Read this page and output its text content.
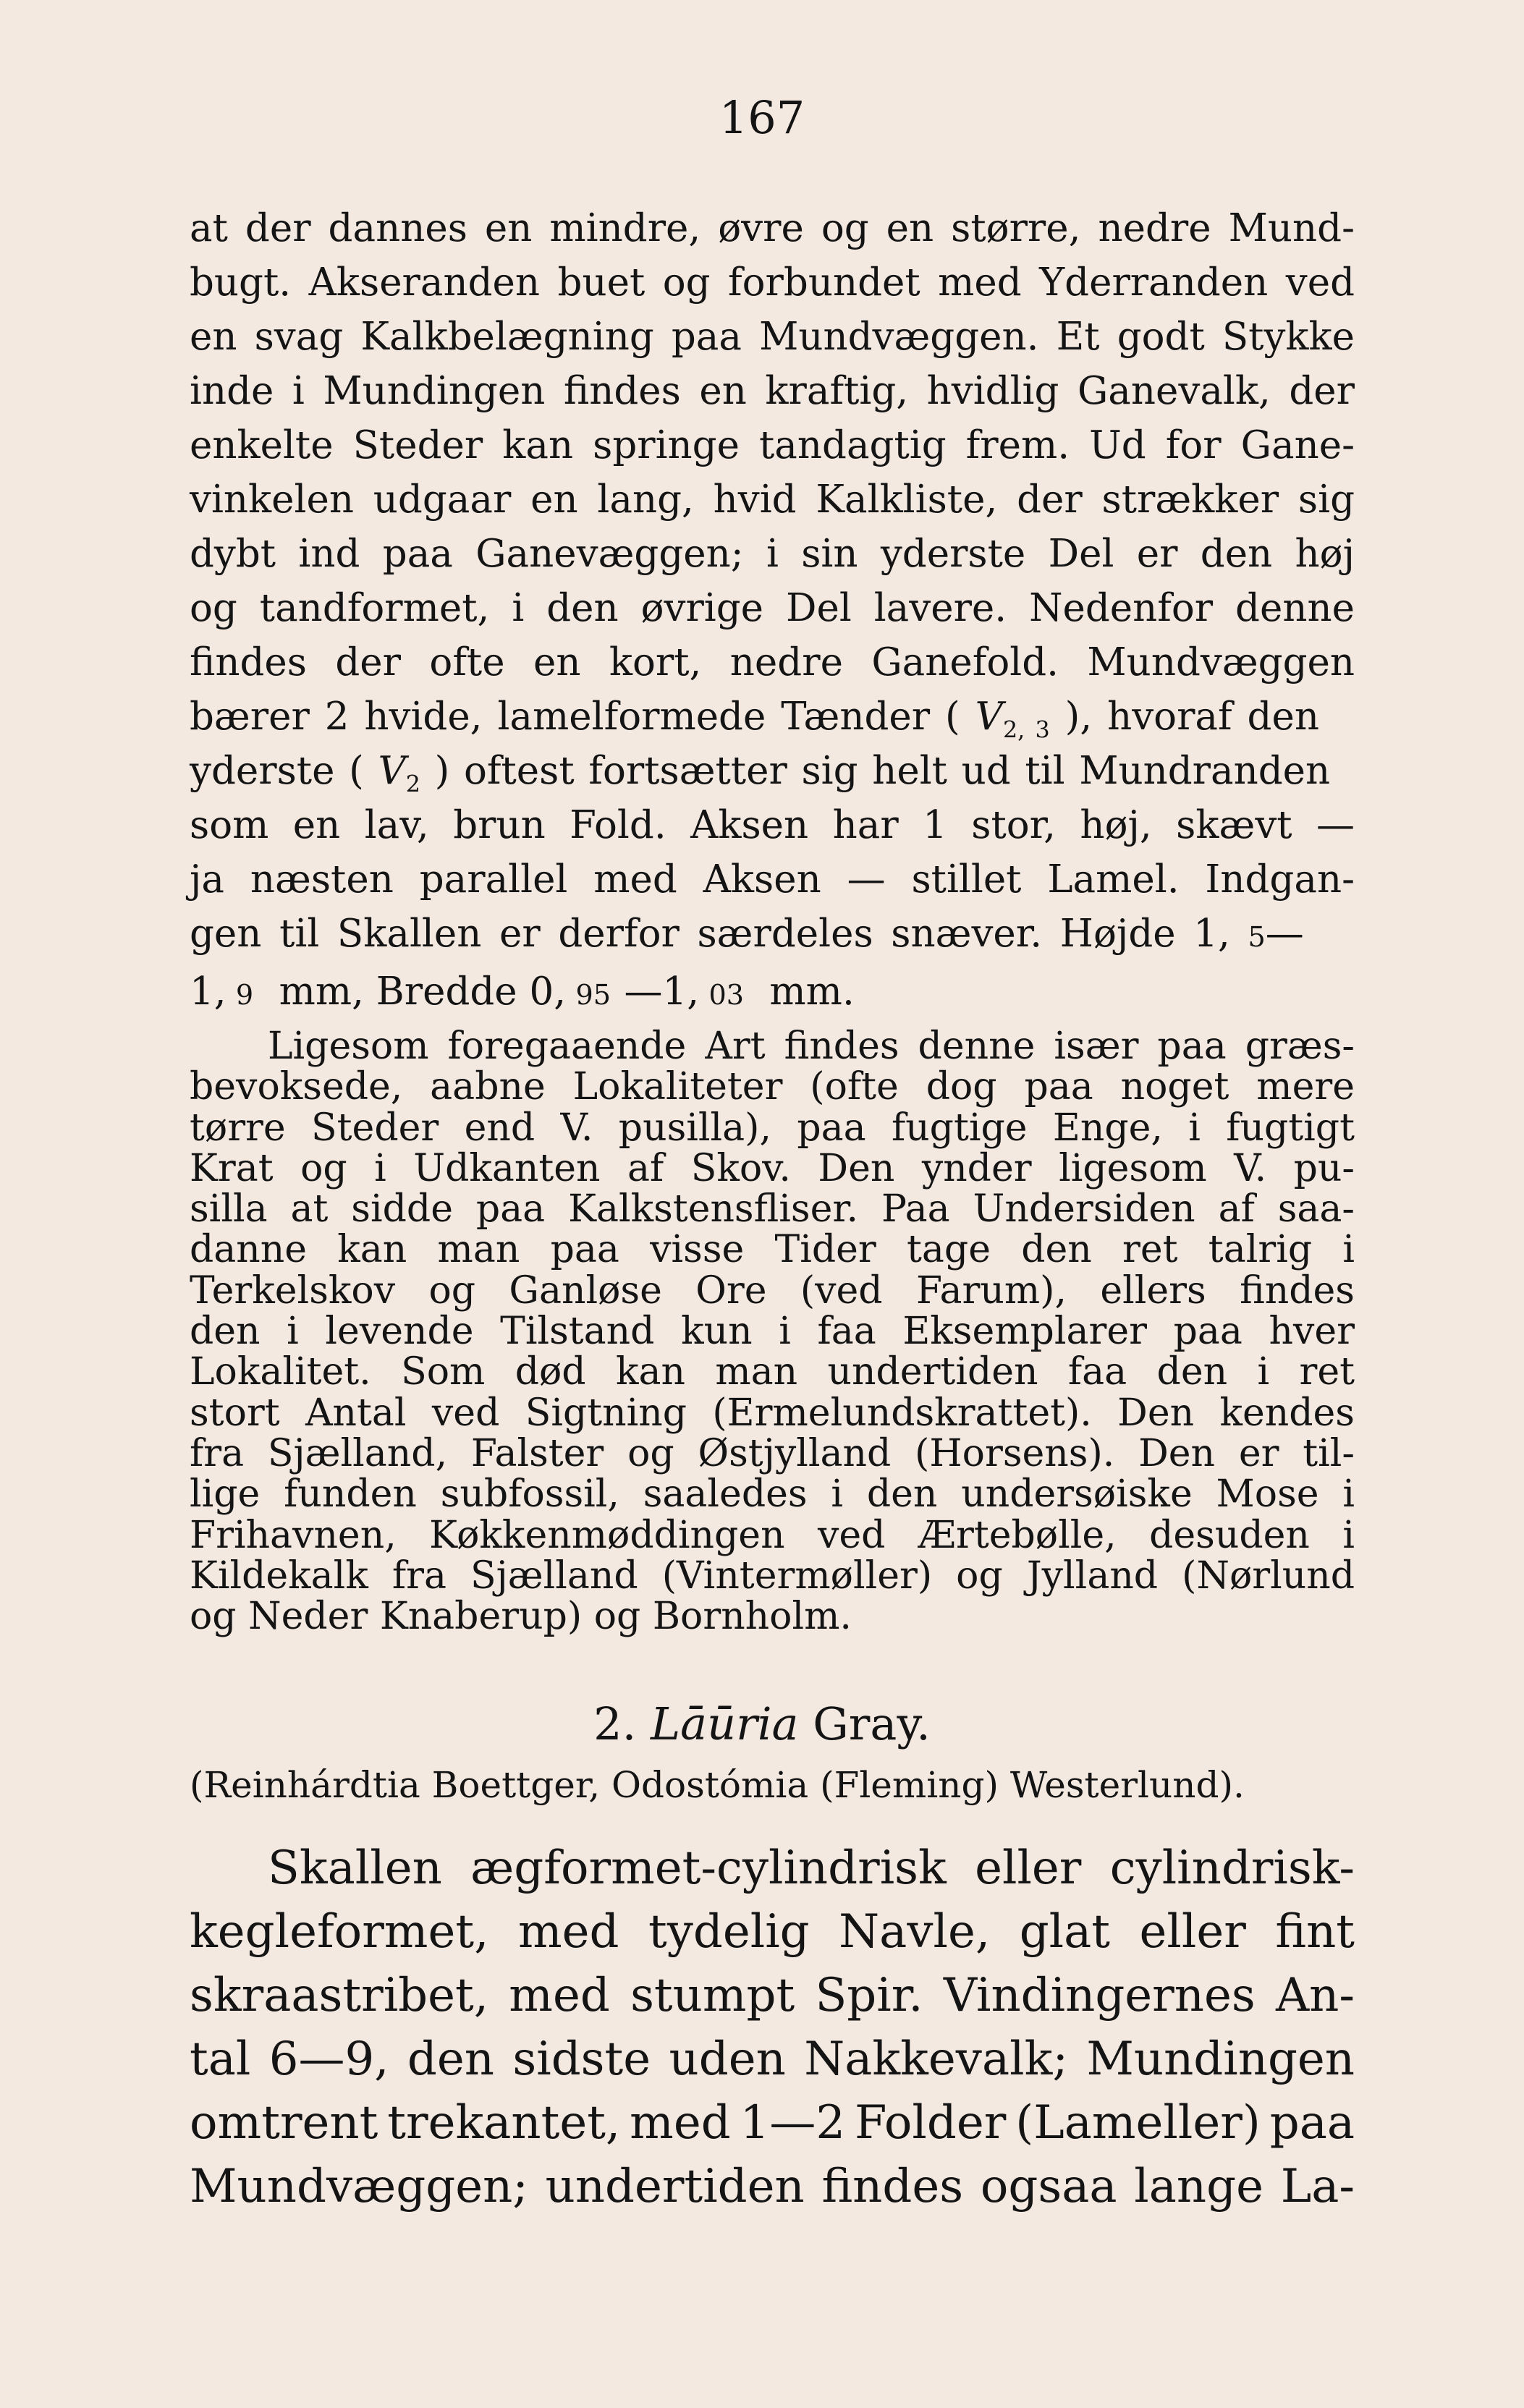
167
at der dannes en mindre, øvre og en større, nedre Mund-
bugt. Akseranden buet og forbundet med Yderranden ved
en svag Kalkbelægning paa Mundvæggen. Et godt Stykke
inde i Mundingen findes en kraftig, hvidlig Ganevalk, der
enkelte Steder kan springe tandagtig frem. Ud for Gane-
vinkelen udgaar en lang, hvid Kalkliste, der strækker sig
dybt ind paa Ganevæggen; i sin yderste Del er den høj
og tandformet, i den øvrige Del lavere. Nedenfor denne
findes der ofte en kort, nedre Ganefold. Mundvæggen
bærer 2 hvide, lamelformede Tænder ( $V_{2, 3}$ ), hvoraf den
yderste ( $V_2$ ) oftest fortsætter sig helt ud til Mundranden
som en lav, brun Fold. Aksen har 1 stor, høj, skævt —
ja næsten parallel med Aksen — stillet Lamel. Indgan-
gen til Skallen er derfor særdeles snæver. Højde 1, 5—
1, 9 mm, Bredde 0, 95 —1, 03 mm.
Ligesom foregaaende Art findes denne især paa græs-
bevoksede, aabne Lokaliteter (ofte dog paa noget mere
tørre Steder end V. pusilla), paa fugtige Enge, i fugtigt
Krat og i Udkanten af Skov. Den ynder ligesom V. pu-
silla at sidde paa Kalkstensfliser. Paa Undersiden af saa-
danne kan man paa visse Tider tage den ret talrig i
Terkelskov og Ganløse Ore (ved Farum), ellers findes
den i levende Tilstand kun i faa Eksemplarer paa hver
Lokalitet. Som død kan man undertiden faa den i ret
stort Antal ved Sigtning (Ermelundskrattet). Den kendes
fra Sjælland, Falster og Østjylland (Horsens). Den er til-
lige funden subfossil, saaledes i den undersøiske Mose i
Frihavnen, Køkkenmøddingen ved Ærtebølle, desuden i
Kildekalk fra Sjælland (Vintermøller) og Jylland (Nørlund
og Neder Knaberup) og Bornholm.
2. Lāūria Gray.
(Reinhárdtia Boettger, Odostómia (Fleming) Westerlund).
Skallen ægformet-cylindrisk eller cylindrisk-
kegleformet, med tydelig Navle, glat eller fint
skraastribet, med stumpt Spir. Vindingernes An-
tal 6—9, den sidste uden Nakkevalk; Mundingen
omtrent trekantet, med 1—2 Folder (Lameller) paa
Mundvæggen; undertiden findes ogsaa lange La-
